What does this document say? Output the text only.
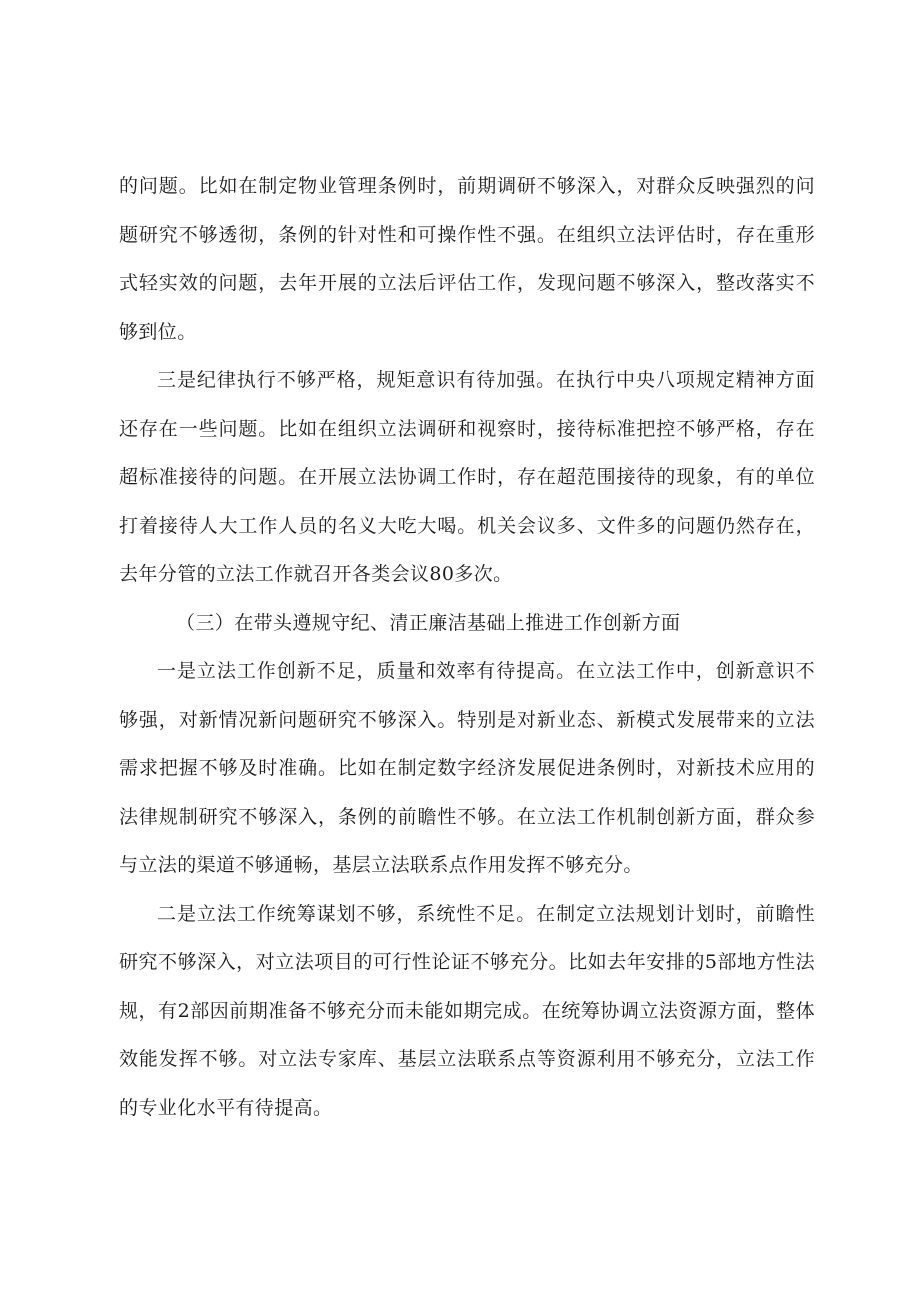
的问题。比如在制定物业管理条例时，前期调研不够深入，对群众反映强烈的问题研究不够透彻，条例的针对性和可操作性不强。在组织立法评估时，存在重形式轻实效的问题，去年开展的立法后评估工作，发现问题不够深入，整改落实不够到位。

三是纪律执行不够严格，规矩意识有待加强。在执行中央八项规定精神方面还存在一些问题。比如在组织立法调研和视察时，接待标准把控不够严格，存在超标准接待的问题。在开展立法协调工作时，存在超范围接待的现象，有的单位打着接待人大工作人员的名义大吃大喝。机关会议多、文件多的问题仍然存在，去年分管的立法工作就召开各类会议80多次。

（三）在带头遵规守纪、清正廉洁基础上推进工作创新方面

一是立法工作创新不足，质量和效率有待提高。在立法工作中，创新意识不够强，对新情况新问题研究不够深入。特别是对新业态、新模式发展带来的立法需求把握不够及时准确。比如在制定数字经济发展促进条例时，对新技术应用的法律规制研究不够深入，条例的前瞻性不够。在立法工作机制创新方面，群众参与立法的渠道不够通畅，基层立法联系点作用发挥不够充分。

二是立法工作统筹谋划不够，系统性不足。在制定立法规划计划时，前瞻性研究不够深入，对立法项目的可行性论证不够充分。比如去年安排的5部地方性法规，有2部因前期准备不够充分而未能如期完成。在统筹协调立法资源方面，整体效能发挥不够。对立法专家库、基层立法联系点等资源利用不够充分，立法工作的专业化水平有待提高。
